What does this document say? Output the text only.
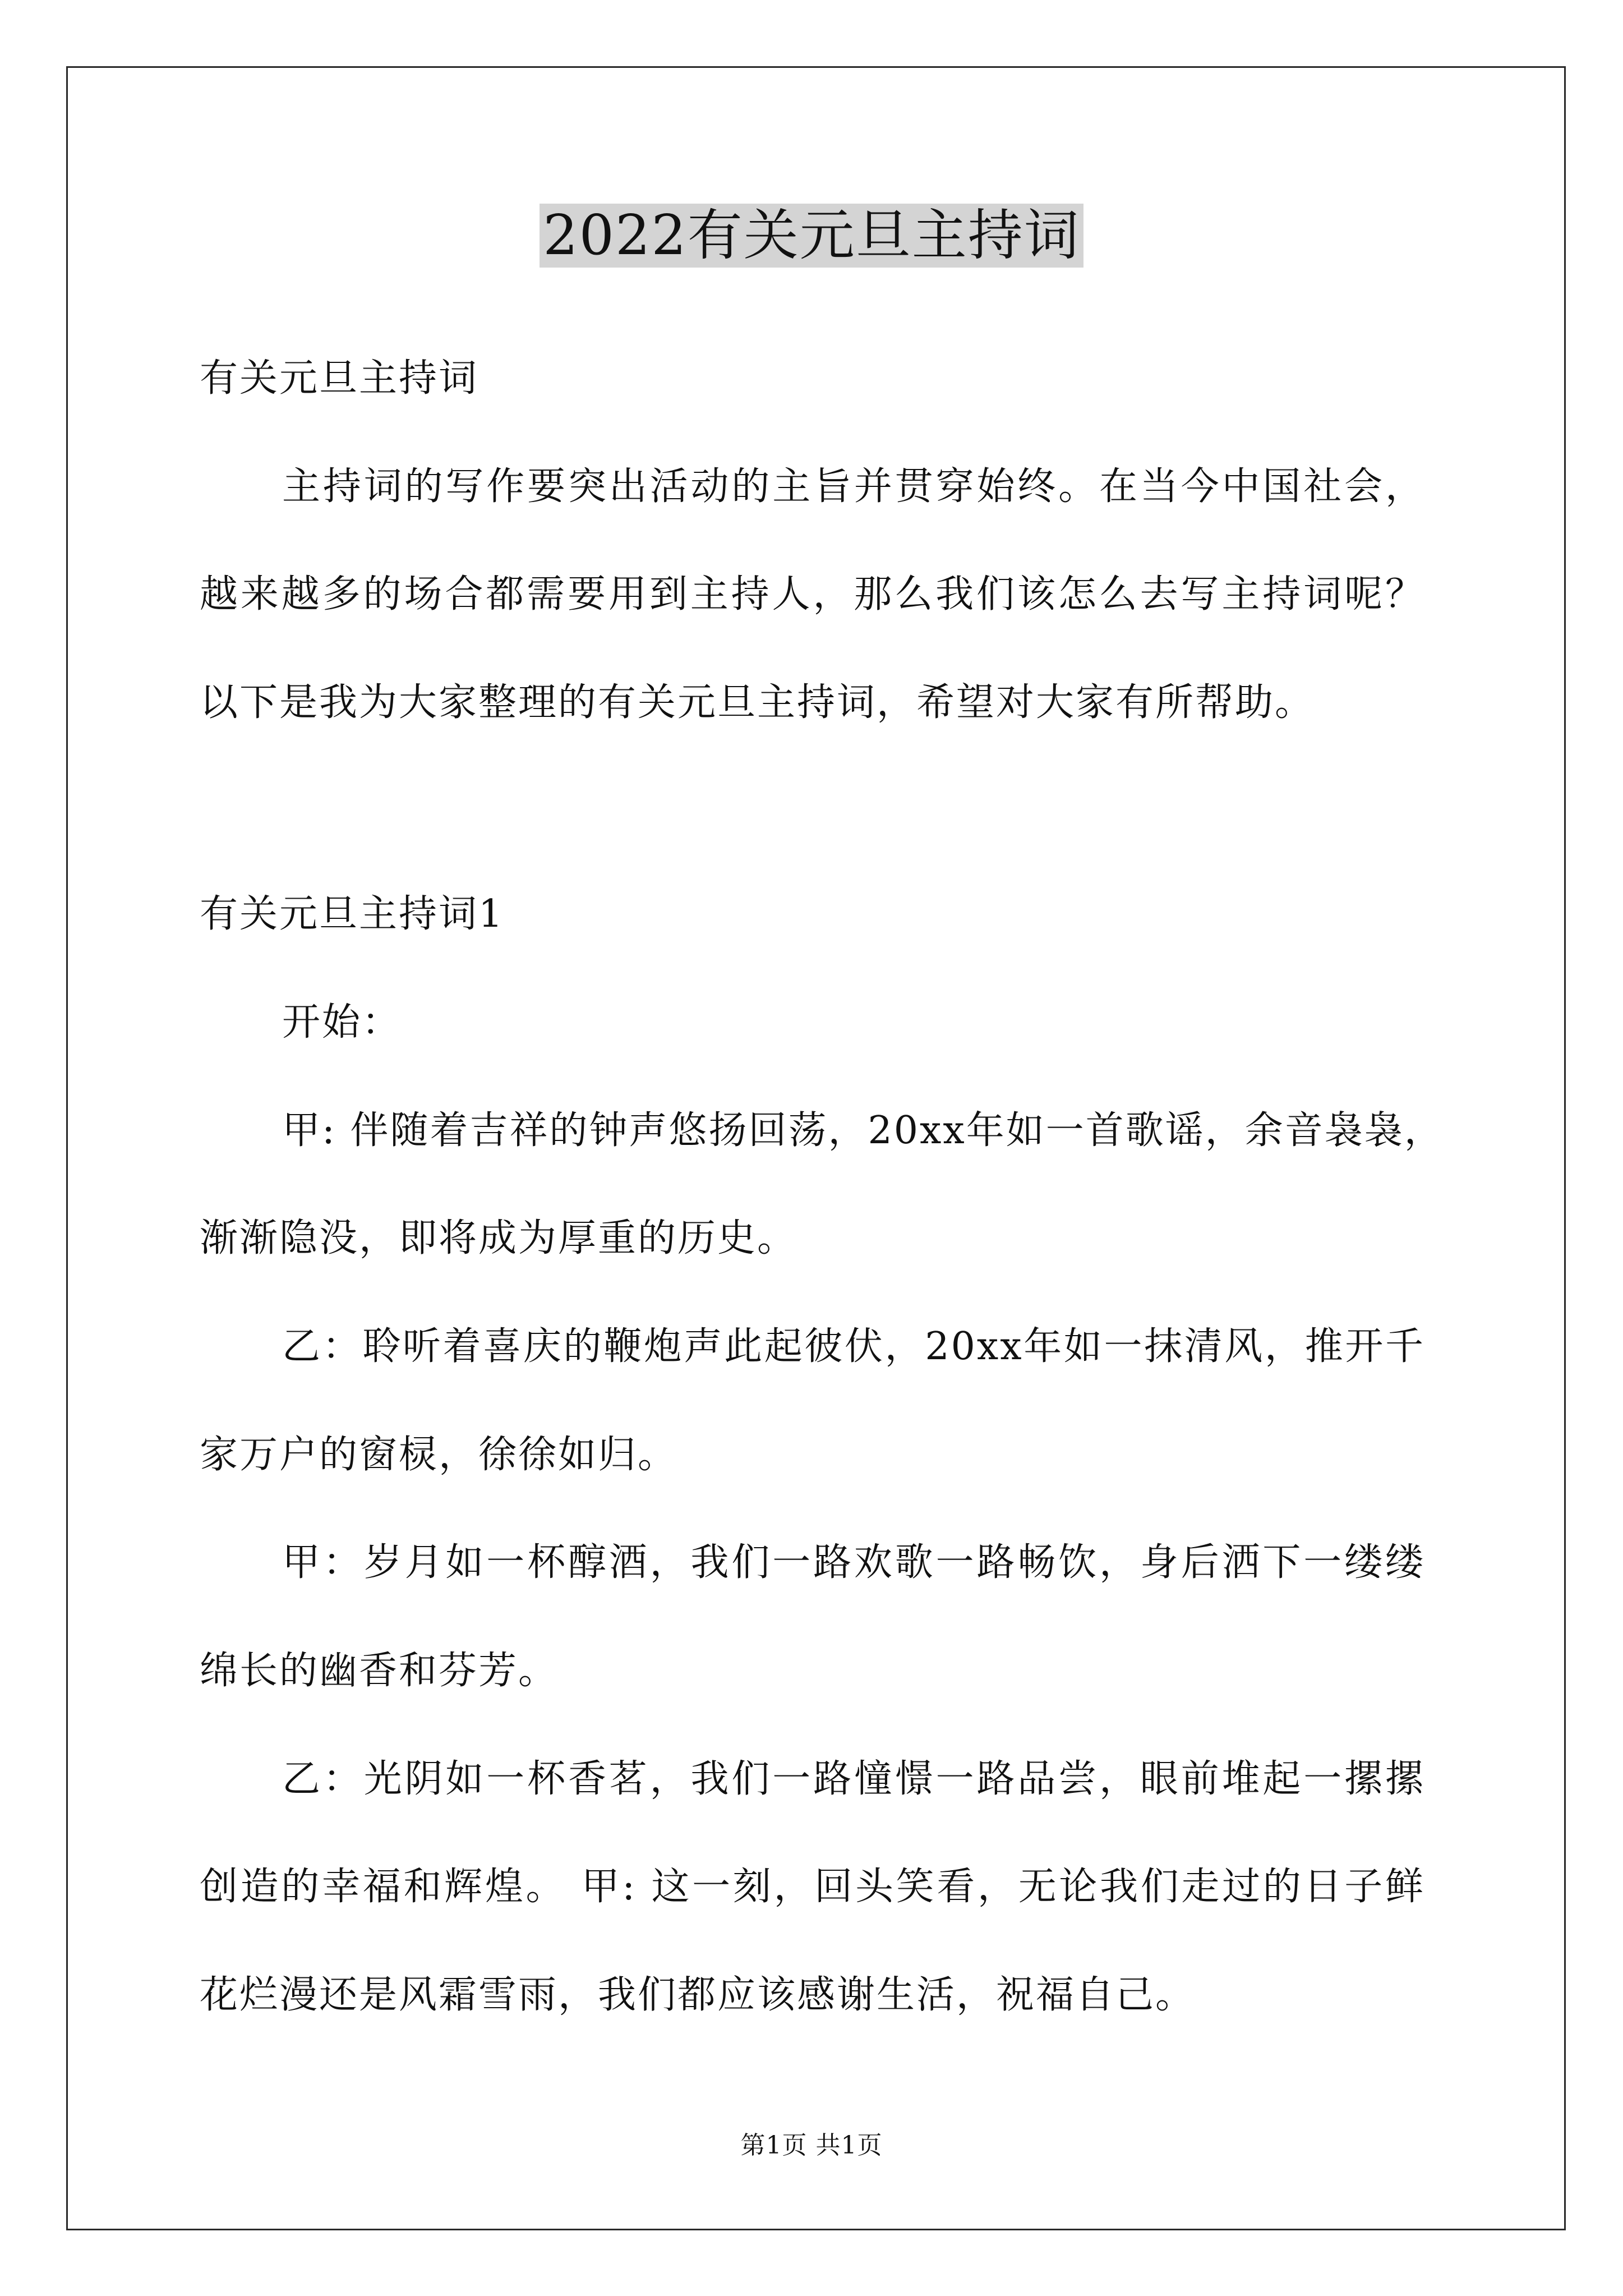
2022有关元旦主持词
有关元旦主持词
主持词的写作要突出活动的主旨并贯穿始终。在当今中国社会，
越来越多的场合都需要用到主持人，那么我们该怎么去写主持词呢？
以下是我为大家整理的有关元旦主持词，希望对大家有所帮助。
有关元旦主持词1
开始：
甲: 伴随着吉祥的钟声悠扬回荡，20xx年如一首歌谣，余音袅袅，
渐渐隐没，即将成为厚重的历史。
乙：聆听着喜庆的鞭炮声此起彼伏，20xx年如一抹清风，推开千
家万户的窗棂，徐徐如归。
甲：岁月如一杯醇酒，我们一路欢歌一路畅饮，身后洒下一缕缕
绵长的幽香和芬芳。
乙：光阴如一杯香茗，我们一路憧憬一路品尝，眼前堆起一摞摞
创造的幸福和辉煌。 甲: 这一刻，回头笑看，无论我们走过的日子鲜
花烂漫还是风霜雪雨，我们都应该感谢生活，祝福自己。
第1页 共1页
